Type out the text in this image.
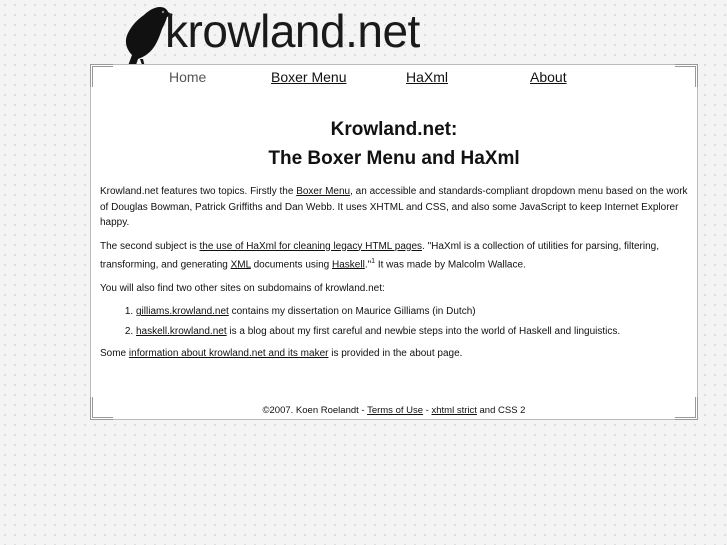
krowland.net
Home	Boxer Menu	HaXml	About
Krowland.net:
The Boxer Menu and HaXml

Krowland.net features two topics. Firstly the Boxer Menu, an accessible and standards-compliant dropdown menu based on the work of Douglas Bowman, Patrick Griffiths and Dan Webb. It uses XHTML and CSS, and also some JavaScript to keep Internet Explorer happy.

The second subject is the use of HaXml for cleaning legacy HTML pages. "HaXml is a collection of utilities for parsing, filtering, transforming, and generating XML documents using Haskell."$^1$ It was made by Malcolm Wallace.

You will also find two other sites on subdomains of krowland.net:

1. gilliams.krowland.net contains my dissertation on Maurice Gilliams (in Dutch)
2. haskell.krowland.net is a blog about my first careful and newbie steps into the world of Haskell and linguistics.

Some information about krowland.net and its maker is provided in the about page.

©2007. Koen Roelandt - Terms of Use - xhtml strict and CSS 2
